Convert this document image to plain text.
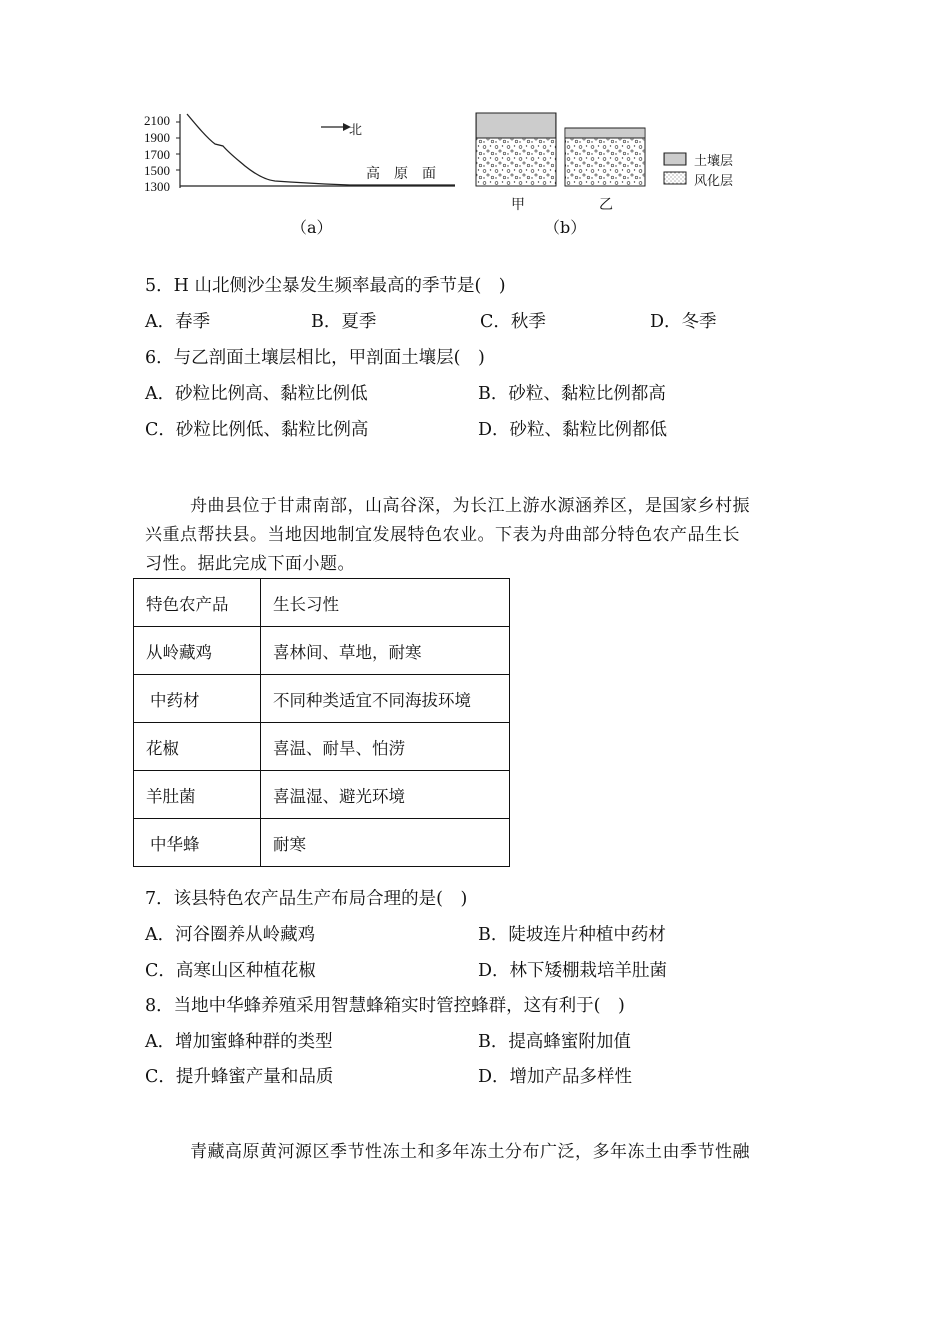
2100
1900
1700
1500
1300
北
高　原　面
（a）
土壤层
风化层
甲	乙
（b）
5．H 山北侧沙尘暴发生频率最高的季节是(　)
A．春季	B．夏季	C．秋季	D．冬季
6．与乙剖面土壤层相比，甲剖面土壤层(　)
A．砂粒比例高、黏粒比例低	B．砂粒、黏粒比例都高
C．砂粒比例低、黏粒比例高	D．砂粒、黏粒比例都低
舟曲县位于甘肃南部，山高谷深，为长江上游水源涵养区，是国家乡村振
兴重点帮扶县。当地因地制宜发展特色农业。下表为舟曲部分特色农产品生长
习性。据此完成下面小题。
特色农产品	生长习性
从岭藏鸡	喜林间、草地，耐寒
中药材	不同种类适宜不同海拔环境
花椒	喜温、耐旱、怕涝
羊肚菌	喜温湿、避光环境
中华蜂	耐寒
7．该县特色农产品生产布局合理的是(　)
A．河谷圈养从岭藏鸡	B．陡坡连片种植中药材
C．高寒山区种植花椒	D．林下矮棚栽培羊肚菌
8．当地中华蜂养殖采用智慧蜂箱实时管控蜂群，这有利于(　)
A．增加蜜蜂种群的类型	B．提高蜂蜜附加值
C．提升蜂蜜产量和品质	D．增加产品多样性
青藏高原黄河源区季节性冻土和多年冻土分布广泛，多年冻土由季节性融
